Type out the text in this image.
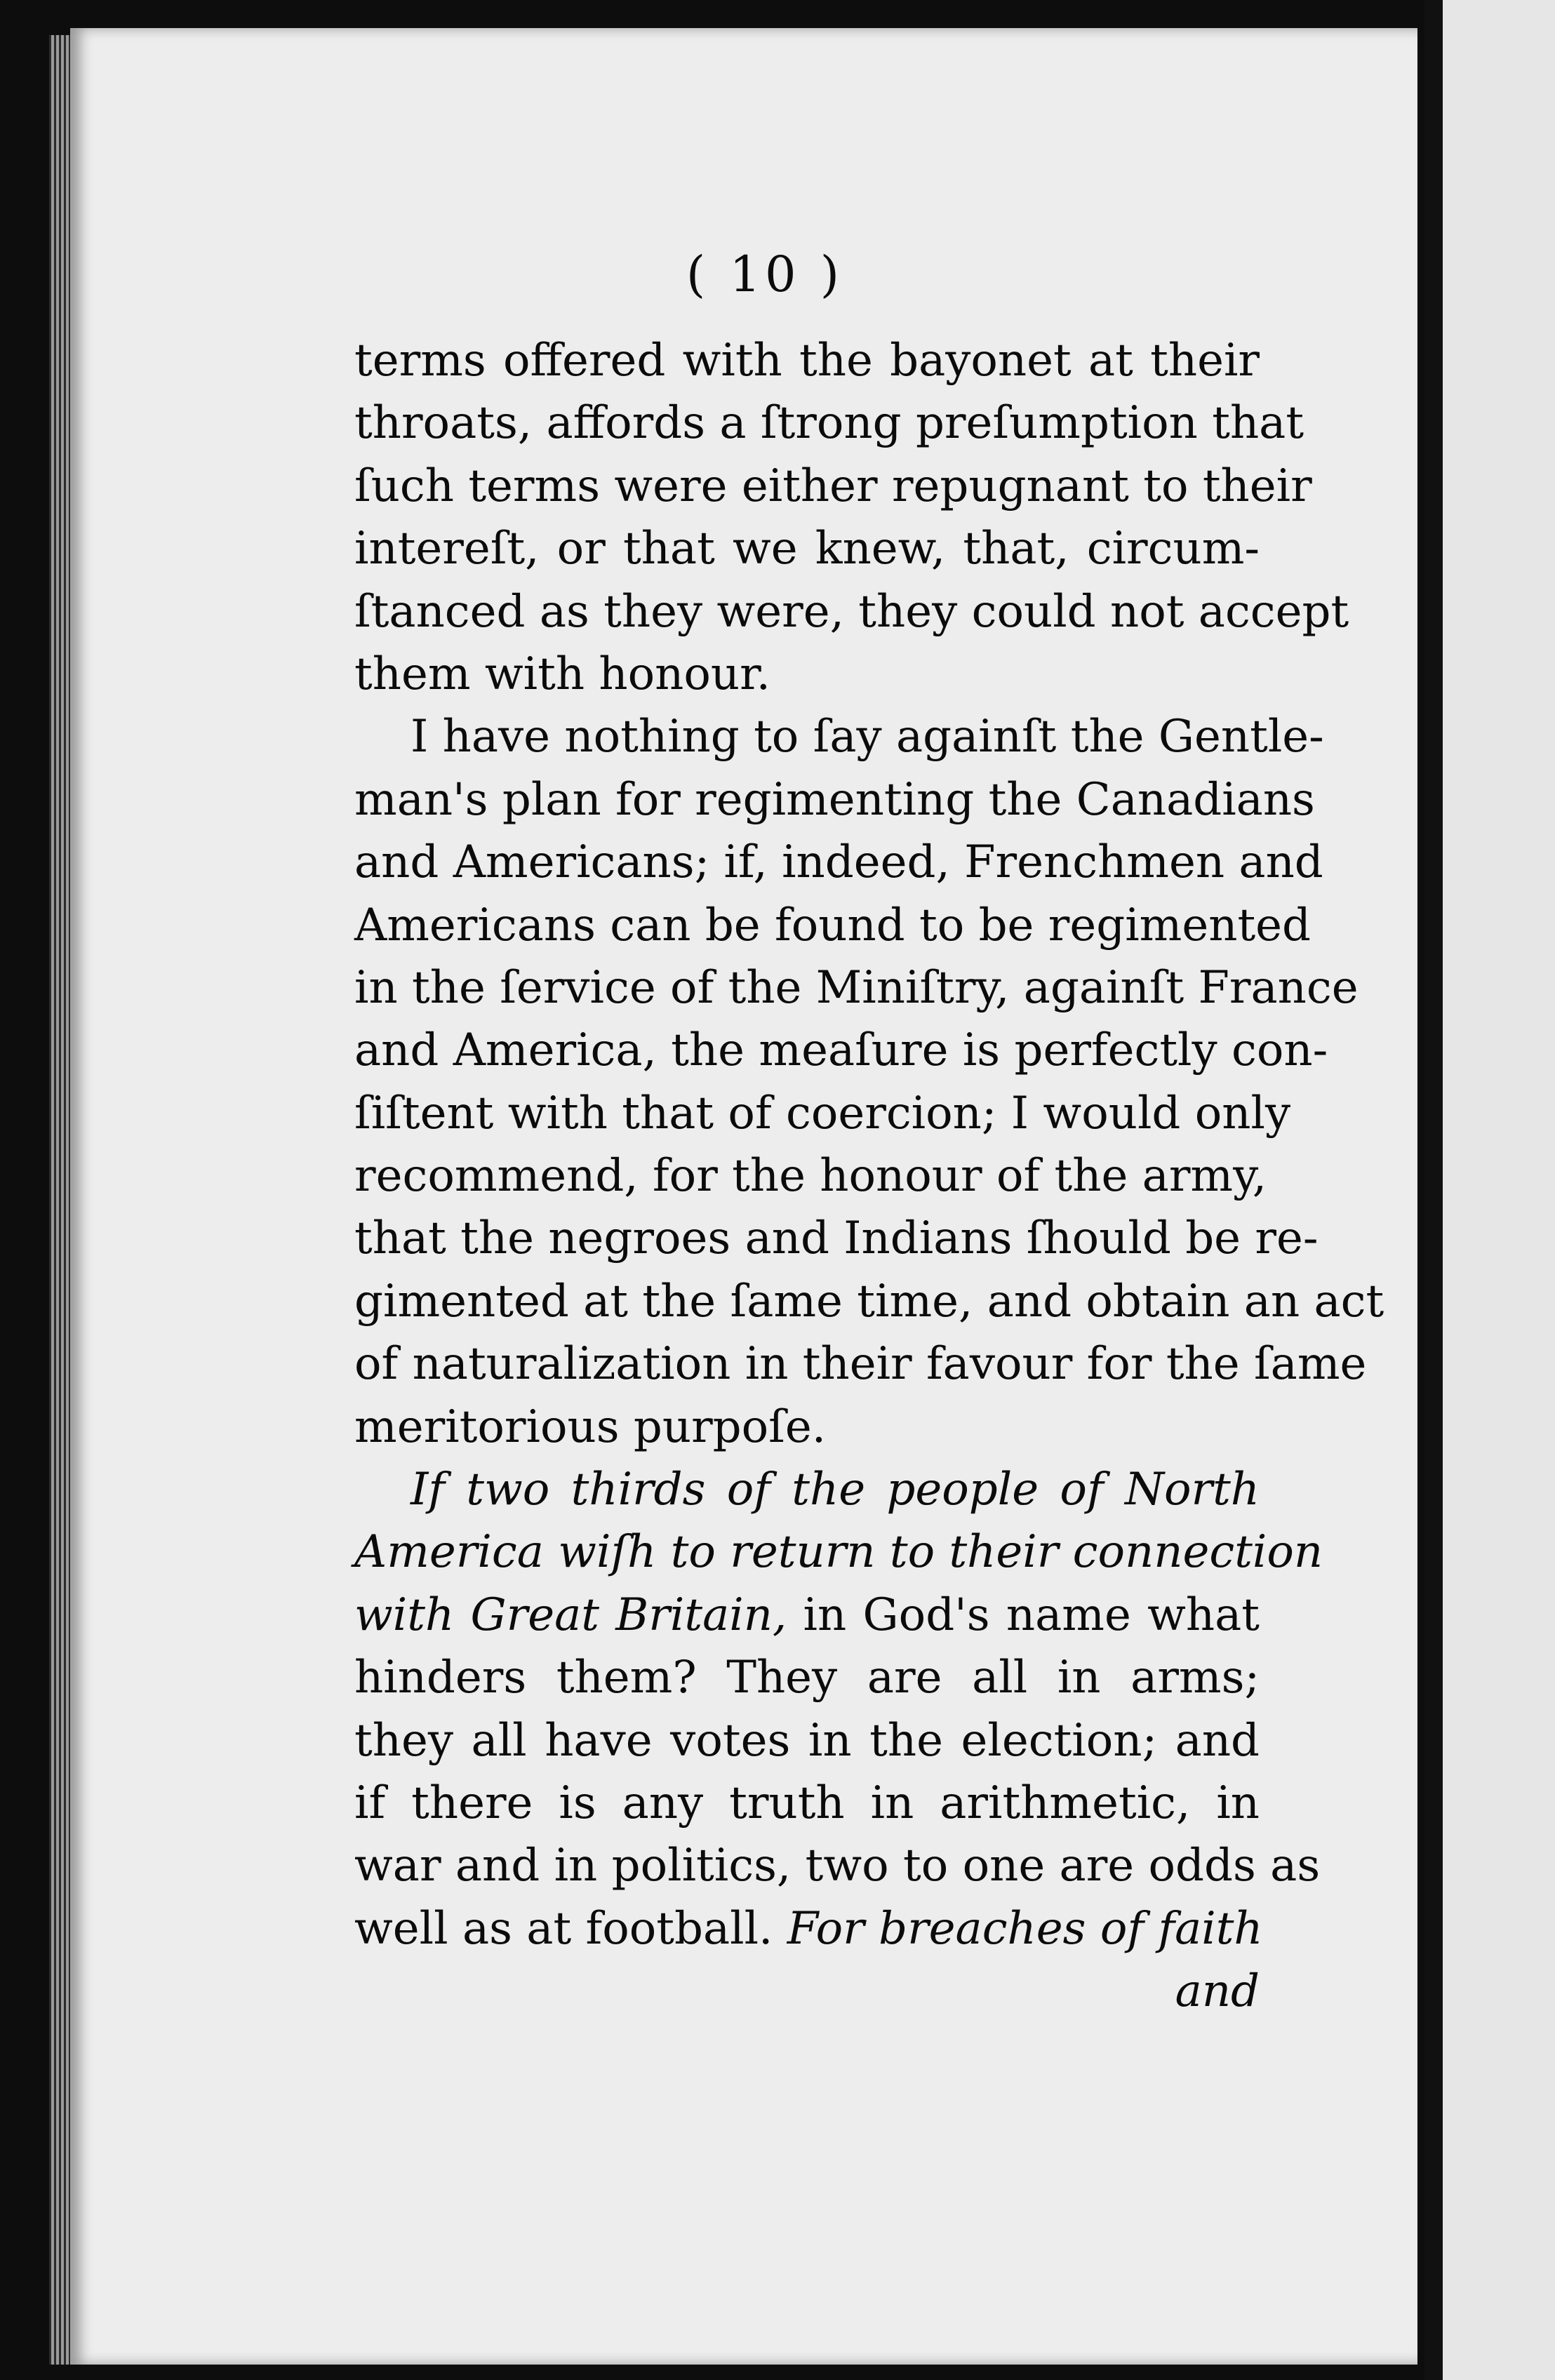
( 10 )
terms offered with the bayonet at their
throats, affords a ſtrong preſumption that
ſuch terms were either repugnant to their
intereſt, or that we knew, that, circum-
ſtanced as they were, they could not accept
them with honour.
I have nothing to ſay againſt the Gentle-
man's plan for regimenting the Canadians
and Americans; if, indeed, Frenchmen and
Americans can be found to be regimented
in the ſervice of the Miniſtry, againſt France
and America, the meaſure is perfectly con-
ſiſtent with that of coercion; I would only
recommend, for the honour of the army,
that the negroes and Indians ſhould be re-
gimented at the ſame time, and obtain an act
of naturalization in their favour for the ſame
meritorious purpoſe.
If two thirds of the people of North
America wiſh to return to their connection
with Great Britain, in God's name what
hinders them? They are all in arms;
they all have votes in the election; and
if there is any truth in arithmetic, in
war and in politics, two to one are odds as
well as at football. For breaches of faith
and
